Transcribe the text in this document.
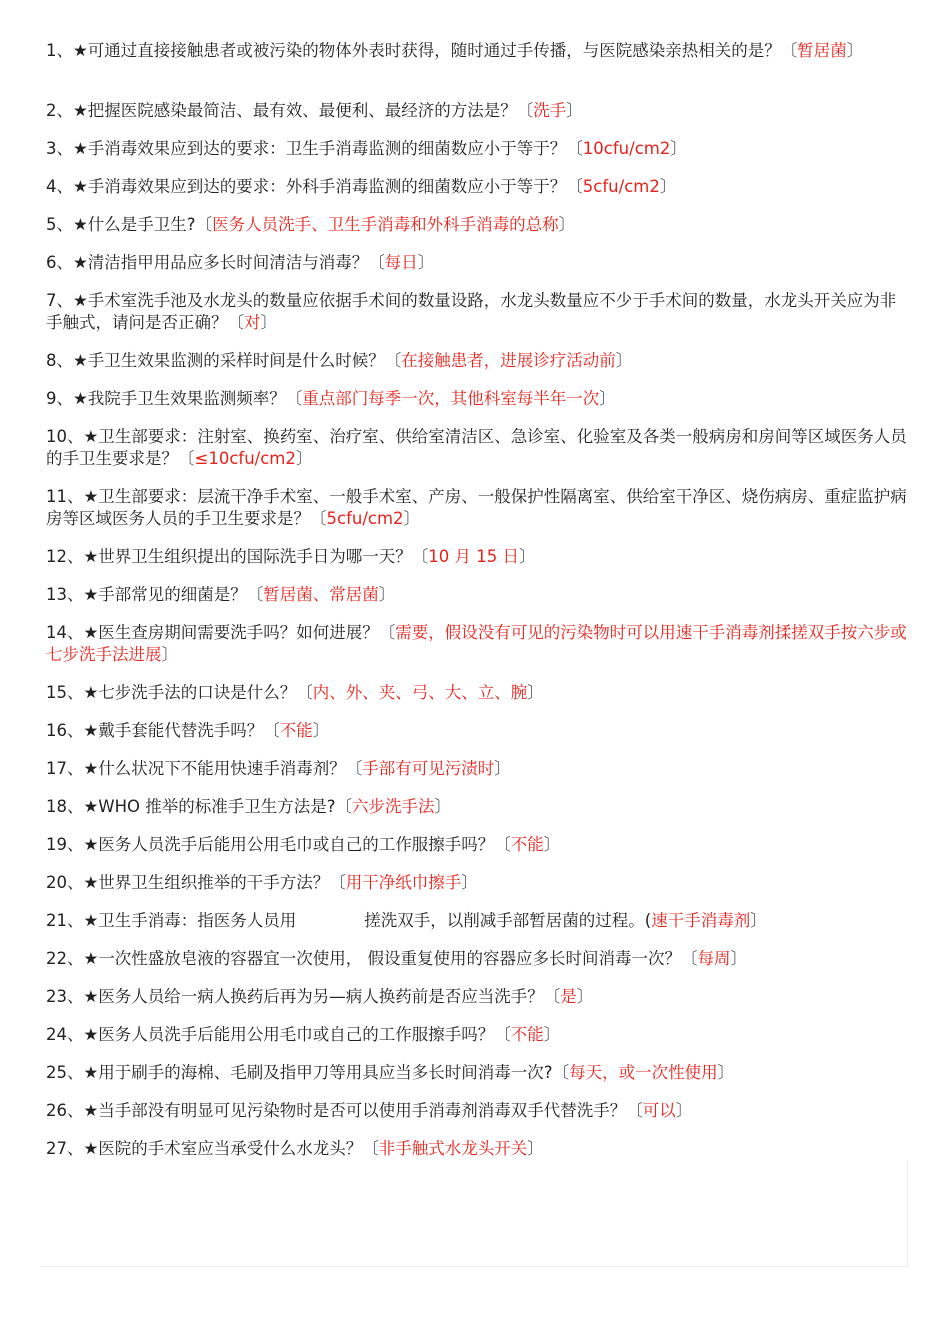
1、★可通过直接接触患者或被污染的物体外表时获得，随时通过手传播，与医院感染亲热相关的是？〔暂居菌〕

2、★把握医院感染最简洁、最有效、最便利、最经济的方法是？〔洗手〕

3、★手消毒效果应到达的要求：卫生手消毒监测的细菌数应小于等于？〔10cfu/cm2〕

4、★手消毒效果应到达的要求：外科手消毒监测的细菌数应小于等于？〔5cfu/cm2〕

5、★什么是手卫生?〔医务人员洗手、卫生手消毒和外科手消毒的总称〕

6、★清洁指甲用品应多长时间清洁与消毒？〔每日〕

7、★手术室洗手池及水龙头的数量应依据手术间的数量设路，水龙头数量应不少于手术间的数量，水龙头开关应为非手触式，请问是否正确？〔对〕

8、★手卫生效果监测的采样时间是什么时候？〔在接触患者，进展诊疗活动前〕

9、★我院手卫生效果监测频率？〔重点部门每季一次，其他科室每半年一次〕

10、★卫生部要求：注射室、换药室、治疗室、供给室清洁区、急诊室、化验室及各类一般病房和房间等区域医务人员的手卫生要求是？〔≤10cfu/cm2〕

11、★卫生部要求：层流干净手术室、一般手术室、产房、一般保护性隔离室、供给室干净区、烧伤病房、重症监护病房等区域医务人员的手卫生要求是？〔5cfu/cm2〕

12、★世界卫生组织提出的国际洗手日为哪一天？〔10 月 15 日〕

13、★手部常见的细菌是？〔暂居菌、常居菌〕

14、★医生查房期间需要洗手吗？如何进展？〔需要，假设没有可见的污染物时可以用速干手消毒剂揉搓双手按六步或七步洗手法进展〕

15、★七步洗手法的口诀是什么？〔内、外、夹、弓、大、立、腕〕

16、★戴手套能代替洗手吗？〔不能〕

17、★什么状况下不能用快速手消毒剂？〔手部有可见污渍时〕

18、★WHO 推举的标准手卫生方法是?〔六步洗手法〕

19、★医务人员洗手后能用公用毛巾或自己的工作服擦手吗？〔不能〕

20、★世界卫生组织推举的干手方法？〔用干净纸巾擦手〕

21、★卫生手消毒：指医务人员用	搓洗双手，以削减手部暂居菌的过程。(速干手消毒剂〕

22、★一次性盛放皂液的容器宜一次使用， 假设重复使用的容器应多长时间消毒一次？〔每周〕

23、★医务人员给一病人换药后再为另—病人换药前是否应当洗手？〔是〕

24、★医务人员洗手后能用公用毛巾或自己的工作服擦手吗？〔不能〕

25、★用于刷手的海棉、毛刷及指甲刀等用具应当多长时间消毒一次?〔每天，或一次性使用〕

26、★当手部没有明显可见污染物时是否可以使用手消毒剂消毒双手代替洗手？〔可以〕

27、★医院的手术室应当承受什么水龙头？〔非手触式水龙头开关〕
